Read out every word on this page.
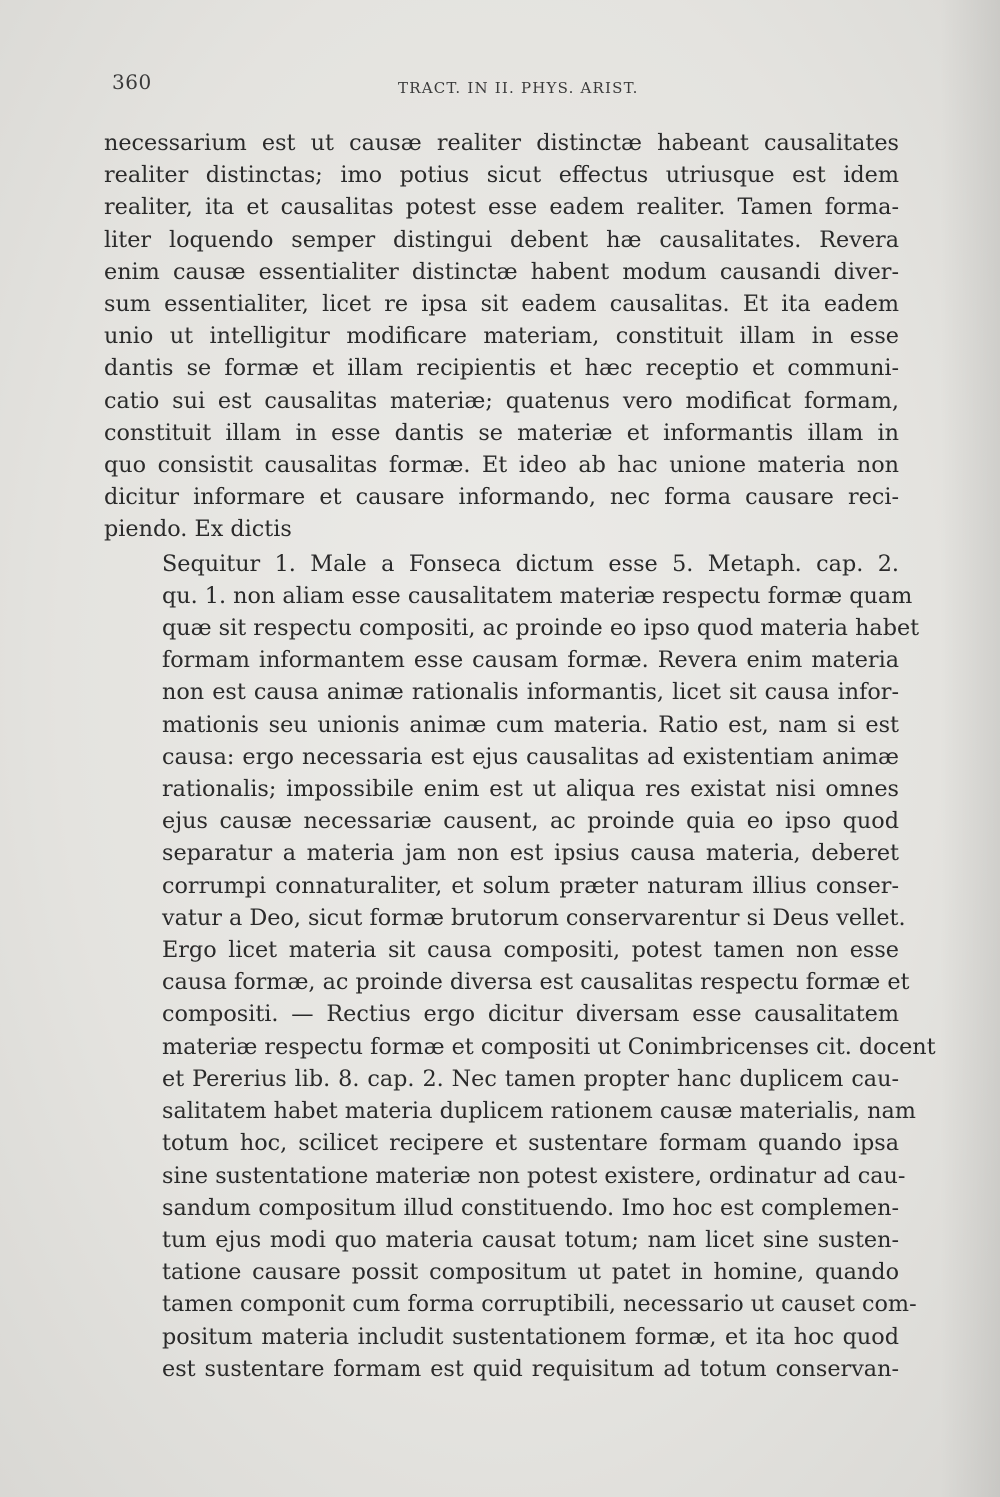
360	TRACT. IN II. PHYS. ARIST.

necessarium est ut causæ realiter distinctæ habeant causalitates
realiter distinctas; imo potius sicut effectus utriusque est idem
realiter, ita et causalitas potest esse eadem realiter. Tamen forma-
liter loquendo semper distingui debent hæ causalitates. Revera
enim causæ essentialiter distinctæ habent modum causandi diver-
sum essentialiter, licet re ipsa sit eadem causalitas. Et ita eadem
unio ut intelligitur modificare materiam, constituit illam in esse
dantis se formæ et illam recipientis et hæc receptio et communi-
catio sui est causalitas materiæ; quatenus vero modificat formam,
constituit illam in esse dantis se materiæ et informantis illam in
quo consistit causalitas formæ. Et ideo ab hac unione materia non
dicitur informare et causare informando, nec forma causare reci-
piendo. Ex dictis

Sequitur 1. Male a Fonseca dictum esse 5. Metaph. cap. 2.
qu. 1. non aliam esse causalitatem materiæ respectu formæ quam
quæ sit respectu compositi, ac proinde eo ipso quod materia habet
formam informantem esse causam formæ. Revera enim materia
non est causa animæ rationalis informantis, licet sit causa infor-
mationis seu unionis animæ cum materia. Ratio est, nam si est
causa: ergo necessaria est ejus causalitas ad existentiam animæ
rationalis; impossibile enim est ut aliqua res existat nisi omnes
ejus causæ necessariæ causent, ac proinde quia eo ipso quod
separatur a materia jam non est ipsius causa materia, deberet
corrumpi connaturaliter, et solum præter naturam illius conser-
vatur a Deo, sicut formæ brutorum conservarentur si Deus vellet.
Ergo licet materia sit causa compositi, potest tamen non esse
causa formæ, ac proinde diversa est causalitas respectu formæ et
compositi. — Rectius ergo dicitur diversam esse causalitatem
materiæ respectu formæ et compositi ut Conimbricenses cit. docent
et Pererius lib. 8. cap. 2. Nec tamen propter hanc duplicem cau-
salitatem habet materia duplicem rationem causæ materialis, nam
totum hoc, scilicet recipere et sustentare formam quando ipsa
sine sustentatione materiæ non potest existere, ordinatur ad cau-
sandum compositum illud constituendo. Imo hoc est complemen-
tum ejus modi quo materia causat totum; nam licet sine susten-
tatione causare possit compositum ut patet in homine, quando
tamen componit cum forma corruptibili, necessario ut causet com-
positum materia includit sustentationem formæ, et ita hoc quod
est sustentare formam est quid requisitum ad totum conservan-
